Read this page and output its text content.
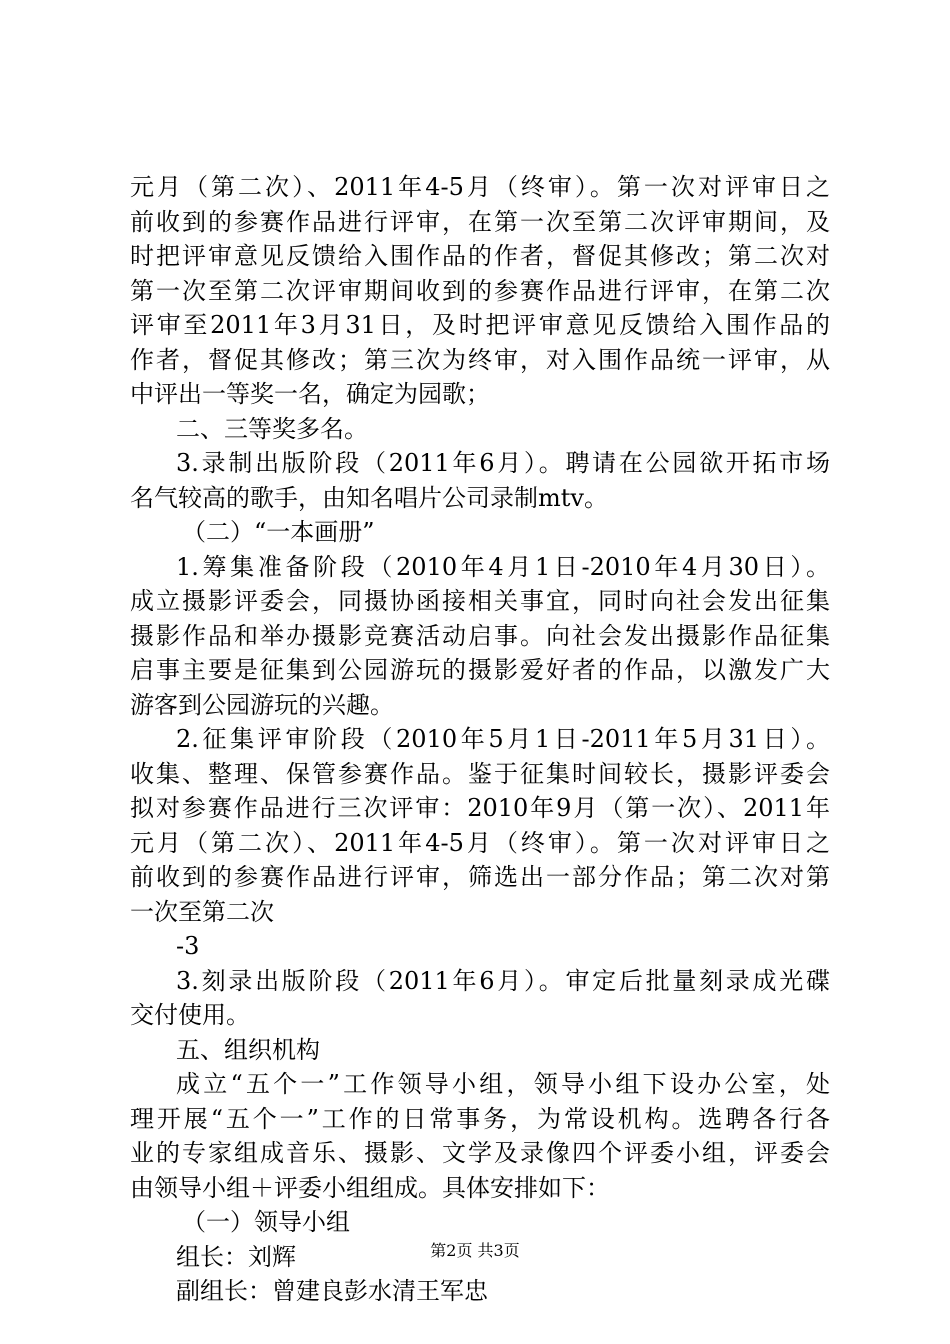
元月（第二次）、2011年4-5月（终审）。第一次对评审日之
前收到的参赛作品进行评审，在第一次至第二次评审期间，及
时把评审意见反馈给入围作品的作者，督促其修改；第二次对
第一次至第二次评审期间收到的参赛作品进行评审，在第二次
评审至2011年3月31日，及时把评审意见反馈给入围作品的
作者，督促其修改；第三次为终审，对入围作品统一评审，从
中评出一等奖一名，确定为园歌；
二、三等奖多名。
3.录制出版阶段（2011年6月）。聘请在公园欲开拓市场
名气较高的歌手，由知名唱片公司录制mtv。
（二）“一本画册”
1.筹集准备阶段（2010年4月1日-2010年4月30日）。
成立摄影评委会，同摄协函接相关事宜，同时向社会发出征集
摄影作品和举办摄影竞赛活动启事。向社会发出摄影作品征集
启事主要是征集到公园游玩的摄影爱好者的作品，以激发广大
游客到公园游玩的兴趣。
2.征集评审阶段（2010年5月1日-2011年5月31日）。
收集、整理、保管参赛作品。鉴于征集时间较长，摄影评委会
拟对参赛作品进行三次评审：2010年9月（第一次）、2011年
元月（第二次）、2011年4-5月（终审）。第一次对评审日之
前收到的参赛作品进行评审，筛选出一部分作品；第二次对第
一次至第二次
-3
3.刻录出版阶段（2011年6月）。审定后批量刻录成光碟
交付使用。
五、组织机构
成立“五个一”工作领导小组，领导小组下设办公室，处
理开展“五个一”工作的日常事务，为常设机构。选聘各行各
业的专家组成音乐、摄影、文学及录像四个评委小组，评委会
由领导小组＋评委小组组成。具体安排如下：
（一）领导小组
组长：刘辉
副组长：曾建良彭水清王军忠
第2页 共3页
